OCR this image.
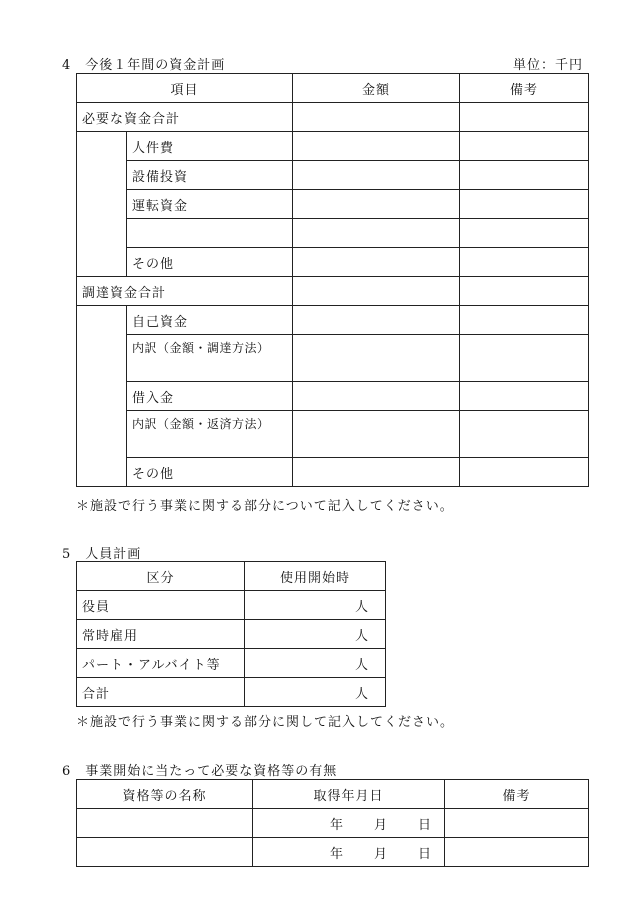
4　今後１年間の資金計画	単位：千円
項目		金額	備考
必要な資金合計			
	人件費		
	設備投資		
	運転資金		

	その他		
調達資金合計			
	自己資金		
	内訳（金額・調達方法）		
	借入金		
	内訳（金額・返済方法）		
	その他		
＊施設で行う事業に関する部分について記入してください。
5　人員計画
区分	使用開始時
役員	人
常時雇用	人
パート・アルバイト等	人
合計	人
＊施設で行う事業に関する部分に関して記入してください。
6　事業開始に当たって必要な資格等の有無
資格等の名称	取得年月日	備考
	年 月 日	
	年 月 日	
